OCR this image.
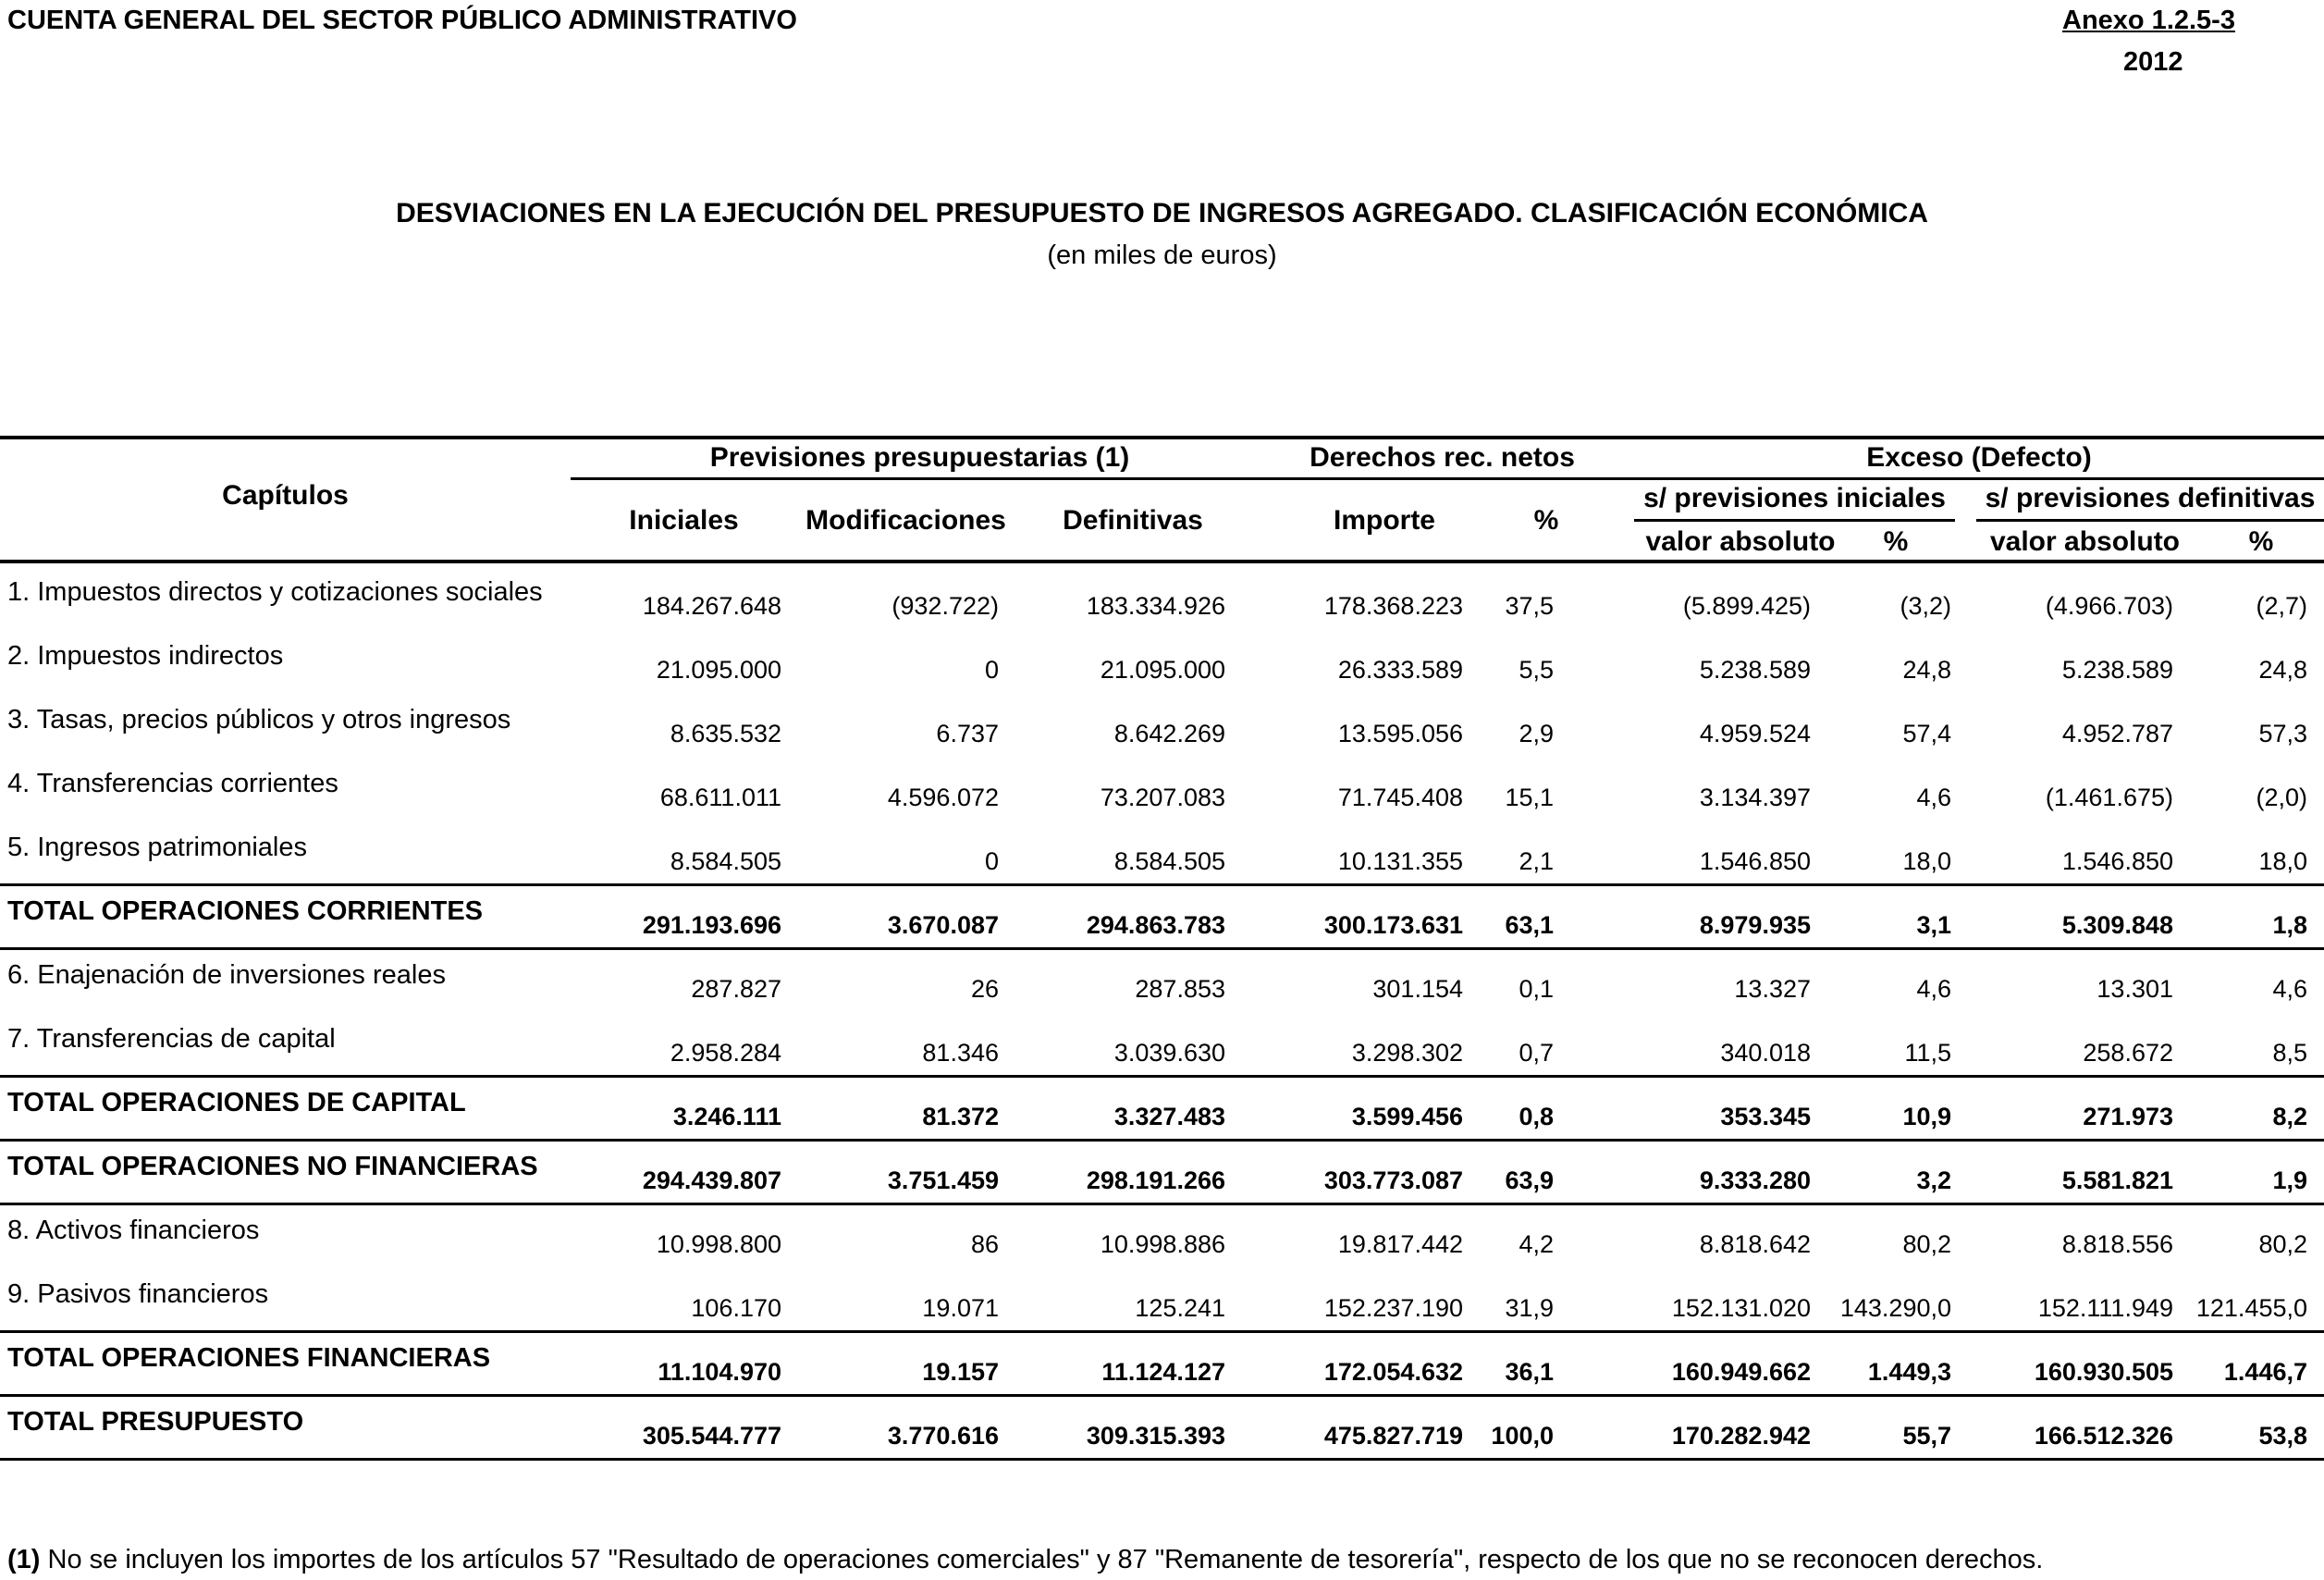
CUENTA GENERAL DEL SECTOR PÚBLICO ADMINISTRATIVO	Anexo 1.2.5-3
2012
DESVIACIONES EN LA EJECUCIÓN DEL PRESUPUESTO DE INGRESOS AGREGADO. CLASIFICACIÓN ECONÓMICA
(en miles de euros)
Capítulos
Previsiones presupuestarias (1)	Derechos rec. netos	Exceso (Defecto)
Iniciales	Modificaciones	Definitivas	Importe	%
s/ previsiones iniciales	s/ previsiones definitivas
valor absoluto	%	valor absoluto	%
1. Impuestos directos y cotizaciones sociales	184.267.648	(932.722)	183.334.926	178.368.223 37,5	(5.899.425)	(3,2)	(4.966.703)	(2,7)
2. Impuestos indirectos	21.095.000	0	21.095.000	26.333.589 5,5	5.238.589	24,8	5.238.589	24,8
3. Tasas, precios públicos y otros ingresos	8.635.532	6.737	8.642.269	13.595.056 2,9	4.959.524	57,4	4.952.787	57,3
4. Transferencias corrientes	68.611.011	4.596.072	73.207.083	71.745.408 15,1	3.134.397	4,6	(1.461.675)	(2,0)
5. Ingresos patrimoniales	8.584.505	0	8.584.505	10.131.355 2,1	1.546.850	18,0	1.546.850	18,0
TOTAL OPERACIONES CORRIENTES	291.193.696	3.670.087	294.863.783	300.173.631 63,1	8.979.935	3,1	5.309.848	1,8
6. Enajenación de inversiones reales	287.827	26	287.853	301.154 0,1	13.327	4,6	13.301	4,6
7. Transferencias de capital	2.958.284	81.346	3.039.630	3.298.302 0,7	340.018	11,5	258.672	8,5
TOTAL OPERACIONES DE CAPITAL	3.246.111	81.372	3.327.483	3.599.456 0,8	353.345	10,9	271.973	8,2
TOTAL OPERACIONES NO FINANCIERAS	294.439.807	3.751.459	298.191.266	303.773.087 63,9	9.333.280	3,2	5.581.821	1,9
8. Activos financieros	10.998.800	86	10.998.886	19.817.442 4,2	8.818.642	80,2	8.818.556	80,2
9. Pasivos financieros	106.170	19.071	125.241	152.237.190 31,9	152.131.020 143.290,0	152.111.949 121.455,0
TOTAL OPERACIONES FINANCIERAS	11.104.970	19.157	11.124.127	172.054.632 36,1	160.949.662 1.449,3	160.930.505 1.446,7
TOTAL PRESUPUESTO	305.544.777	3.770.616	309.315.393	475.827.719 100,0	170.282.942	55,7	166.512.326	53,8
(1) No se incluyen los importes de los artículos 57 "Resultado de operaciones comerciales" y 87 "Remanente de tesorería", respecto de los que no se reconocen derechos.
